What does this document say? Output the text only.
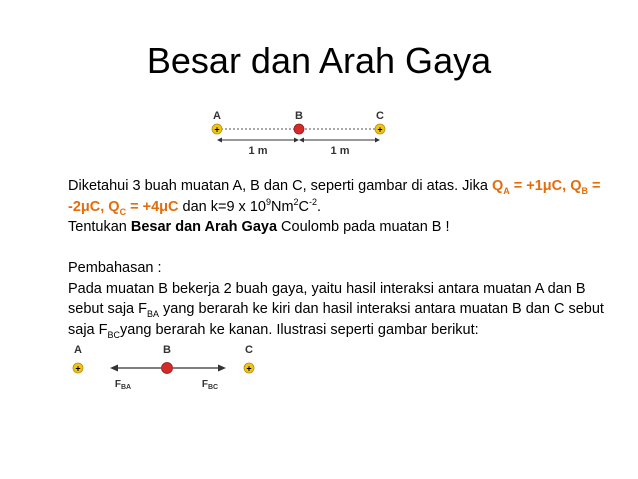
Besar dan Arah Gaya
A	B	C
+	+
1 m	1 m
Diketahui 3 buah muatan A, B dan C, seperti gambar di atas. Jika $Q_A = +1\mu C$, $Q_B = -2\mu C$, $Q_C = +4\mu C$ dan k=9 x $10^9Nm^2C^{-2}$.
Tentukan Besar dan Arah Gaya Coulomb pada muatan B !
Pembahasan :
Pada muatan B bekerja 2 buah gaya, yaitu hasil interaksi antara muatan A dan B sebut saja $F_{BA}$ yang berarah ke kiri dan hasil interaksi antara muatan B dan C sebut saja $F_{BC}yang$ berarah ke kanan. Ilustrasi seperti gambar berikut:
A	B	C
+	+
$F_{BA}$	$F_{BC}$
